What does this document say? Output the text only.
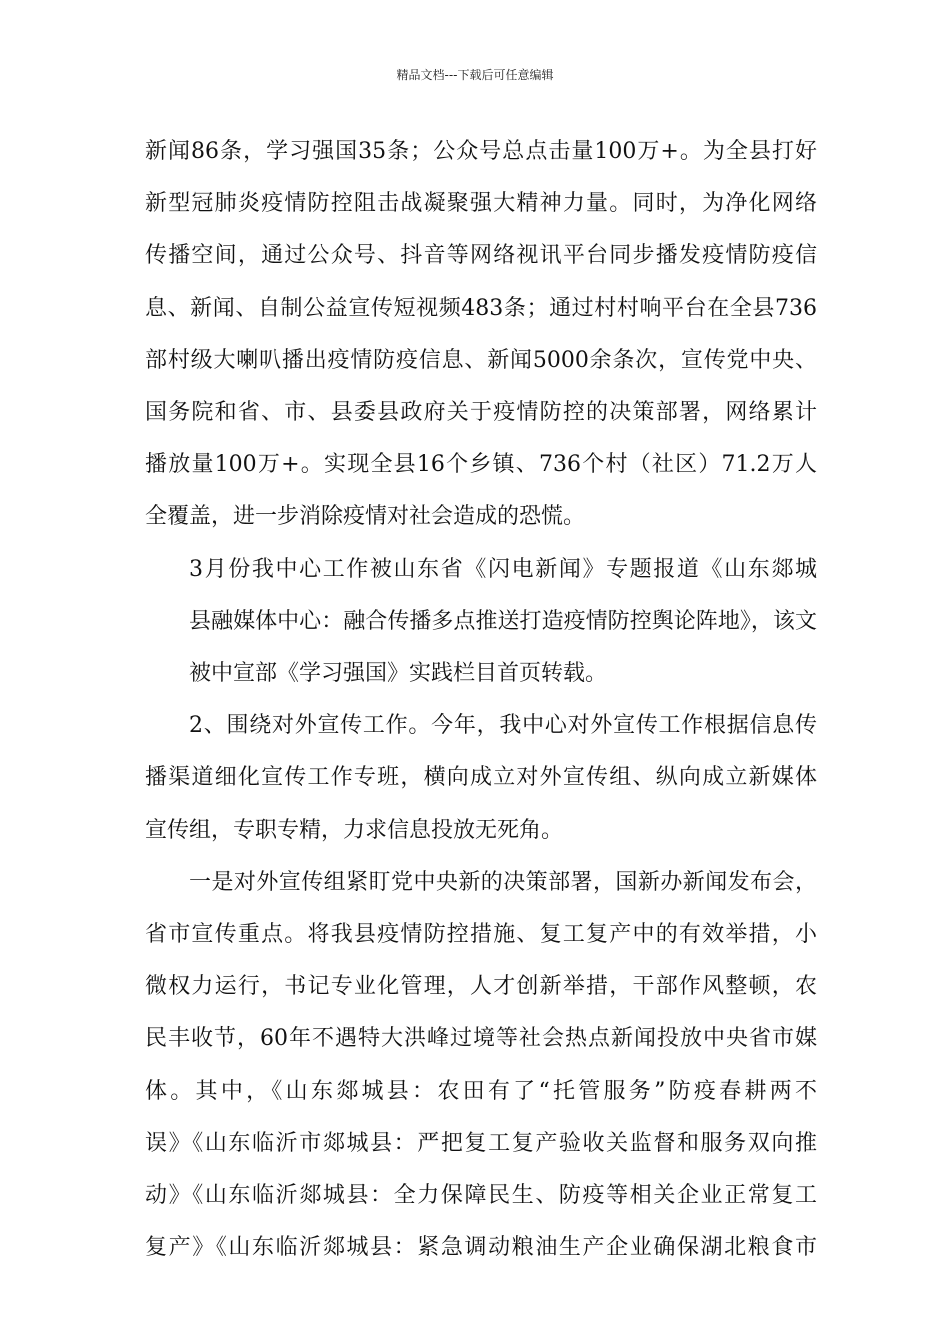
精品文档---下载后可任意编辑

新闻86条，学习强国35条；公众号总点击量100万+。为全县打好
新型冠肺炎疫情防控阻击战凝聚强大精神力量。同时，为净化网络
传播空间，通过公众号、抖音等网络视讯平台同步播发疫情防疫信
息、新闻、自制公益宣传短视频483条；通过村村响平台在全县736
部村级大喇叭播出疫情防疫信息、新闻5000余条次，宣传党中央、
国务院和省、市、县委县政府关于疫情防控的决策部署，网络累计
播放量100万+。实现全县16个乡镇、736个村（社区）71.2万人
全覆盖，进一步消除疫情对社会造成的恐慌。

3月份我中心工作被山东省《闪电新闻》专题报道《山东郯城
县融媒体中心：融合传播多点推送打造疫情防控舆论阵地》，该文
被中宣部《学习强国》实践栏目首页转载。

2、围绕对外宣传工作。今年，我中心对外宣传工作根据信息传
播渠道细化宣传工作专班，横向成立对外宣传组、纵向成立新媒体
宣传组，专职专精，力求信息投放无死角。

一是对外宣传组紧盯党中央新的决策部署，国新办新闻发布会，
省市宣传重点。将我县疫情防控措施、复工复产中的有效举措，小
微权力运行，书记专业化管理，人才创新举措，干部作风整顿，农
民丰收节，60年不遇特大洪峰过境等社会热点新闻投放中央省市媒
体。其中，《山东郯城县：农田有了“托管服务”防疫春耕两不
误》《山东临沂市郯城县：严把复工复产验收关监督和服务双向推
动》《山东临沂郯城县：全力保障民生、防疫等相关企业正常复工
复产》《山东临沂郯城县：紧急调动粮油生产企业确保湖北粮食市
